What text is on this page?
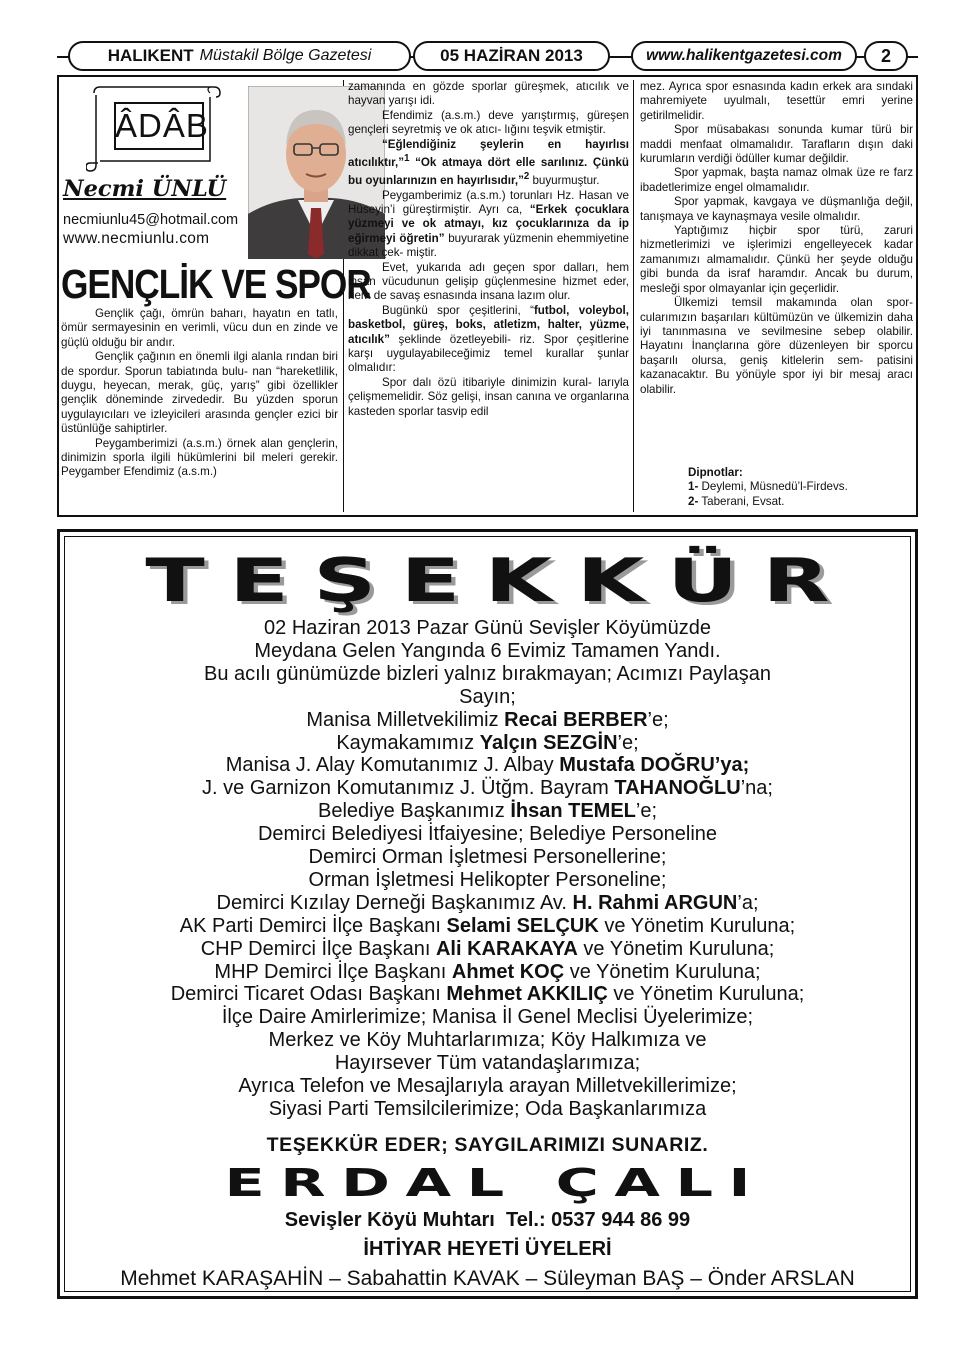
HALIKENT Müstakil Bölge Gazetesi	05 HAZİRAN 2013	www.halikentgazetesi.com 2
ÂDÂB
Necmi ÜNLÜ
necmiunlu45@hotmail.com
www.necmiunlu.com
GENÇLİK VE SPOR

Gençlik çağı, ömrün baharı, hayatın en tatlı, ömür sermayesinin en verimli, vücu dun en zinde ve güçlü olduğu bir andır.

Gençlik çağının en önemli ilgi alanla rından biri de spordur. Sporun tabiatında bulu- nan “hareketlilik, duygu, heyecan, merak, güç, yarış” gibi özellikler gençlik döneminde zirvededir. Bu yüzden sporun uygulayıcıları ve izleyicileri arasında gençler ezici bir üstünlüğe sahiptirler.

Peygamberimizi (a.s.m.) örnek alan gençlerin, dinimizin sporla ilgili hükümlerini bil meleri gerekir. Peygamber Efendimiz (a.s.m.)

zamanında en gözde sporlar güreşmek, atıcılık ve hayvan yarışı idi.

Efendimiz (a.s.m.) deve yarıştırmış, güreşen gençleri seyretmiş ve ok atıcı- lığını teşvik etmiştir.

“Eğlendiğiniz şeylerin en hayırlısı atıcılıktır,”$^1$ “Ok atmaya dört elle sarılınız. Çünkü bu oyunlarınızın en hayırlısıdır,”$^2$ buyurmuştur.

Peygamberimiz (a.s.m.) torunları Hz. Hasan ve Hüseyin’i güreştirmiştir. Ayrı ca, “Erkek çocuklara yüzmeyi ve ok atmayı, kız çocuklarınıza da ip eğirmeyi öğretin” buyurarak yüzmenin ehemmiyetine dikkat çek- miştir.

Evet, yukarıda adı geçen spor dalları, hem insan vücudunun gelişip güçlenmesine hizmet eder, hem de savaş esnasında insana lazım olur.

Bugünkü spor çeşitlerini, “futbol, voleybol, basketbol, güreş, boks, atletizm, halter, yüzme, atıcılık” şeklinde özetleyebili- riz. Spor çeşitlerine karşı uygulayabileceğimiz temel kurallar şunlar olmalıdır:

Spor dalı özü itibariyle dinimizin kural- larıyla çelişmemelidir. Söz gelişi, insan canına ve organlarına kasteden sporlar tasvip edil

mez. Ayrıca spor esnasında kadın erkek ara sındaki mahremiyete uyulmalı, tesettür emri yerine getirilmelidir.

Spor müsabakası sonunda kumar türü bir maddi menfaat olmamalıdır. Tarafların dışın daki kurumların verdiği ödüller kumar değildir.

Spor yapmak, başta namaz olmak üze re farz ibadetlerimize engel olmamalıdır.

Spor yapmak, kavgaya ve düşmanlığa değil, tanışmaya ve kaynaşmaya vesile olmalıdır.

Yaptığımız hiçbir spor türü, zaruri hizmetlerimizi ve işlerimizi engelleyecek kadar zamanımızı almamalıdır. Çünkü her şeyde olduğu gibi bunda da israf haramdır. Ancak bu durum, mesleği spor olmayanlar için geçerlidir.

Ülkemizi temsil makamında olan spor- cularımızın başarıları kültümüzün ve ülkemizin daha iyi tanınmasına ve sevilmesine sebep olabilir. Hayatını İnançlarına göre düzenleyen bir sporcu başarılı olursa, geniş kitlelerin sem- patisini kazanacaktır. Bu yönüyle spor iyi bir mesaj aracı olabilir.

Dipnotlar:
1- Deylemi, Müsnedü’l-Firdevs.
2- Taberani, Evsat.
TEŞEKKÜR
02 Haziran 2013 Pazar Günü Sevişler Köyümüzde
Meydana Gelen Yangında 6 Evimiz Tamamen Yandı.
Bu acılı günümüzde bizleri yalnız bırakmayan; Acımızı Paylaşan
Sayın;
Manisa Milletvekilimiz Recai BERBER’e;
Kaymakamımız Yalçın SEZGİN’e;
Manisa J. Alay Komutanımız J. Albay Mustafa DOĞRU’ya;
J. ve Garnizon Komutanımız J. Ütğm. Bayram TAHANOĞLU’na;
Belediye Başkanımız İhsan TEMEL’e;
Demirci Belediyesi İtfaiyesine; Belediye Personeline
Demirci Orman İşletmesi Personellerine;
Orman İşletmesi Helikopter Personeline;
Demirci Kızılay Derneği Başkanımız Av. H. Rahmi ARGUN’a;
AK Parti Demirci İlçe Başkanı Selami SELÇUK ve Yönetim Kuruluna;
CHP Demirci İlçe Başkanı Ali KARAKAYA ve Yönetim Kuruluna;
MHP Demirci İlçe Başkanı Ahmet KOÇ ve Yönetim Kuruluna;
Demirci Ticaret Odası Başkanı Mehmet AKKILIÇ ve Yönetim Kuruluna;
İlçe Daire Amirlerimize; Manisa İl Genel Meclisi Üyelerimize;
Merkez ve Köy Muhtarlarımıza; Köy Halkımıza ve
Hayırsever Tüm vatandaşlarımıza;
Ayrıca Telefon ve Mesajlarıyla arayan Milletvekillerimize;
Siyasi Parti Temsilcilerimize; Oda Başkanlarımıza
TEŞEKKÜR EDER; SAYGILARIMIZI SUNARIZ.
ERDAL ÇALI
Sevişler Köyü Muhtarı  Tel.: 0537 944 86 99
İHTİYAR HEYETİ ÜYELERİ
Mehmet KARAŞAHİN – Sabahattin KAVAK – Süleyman BAŞ – Önder ARSLAN
